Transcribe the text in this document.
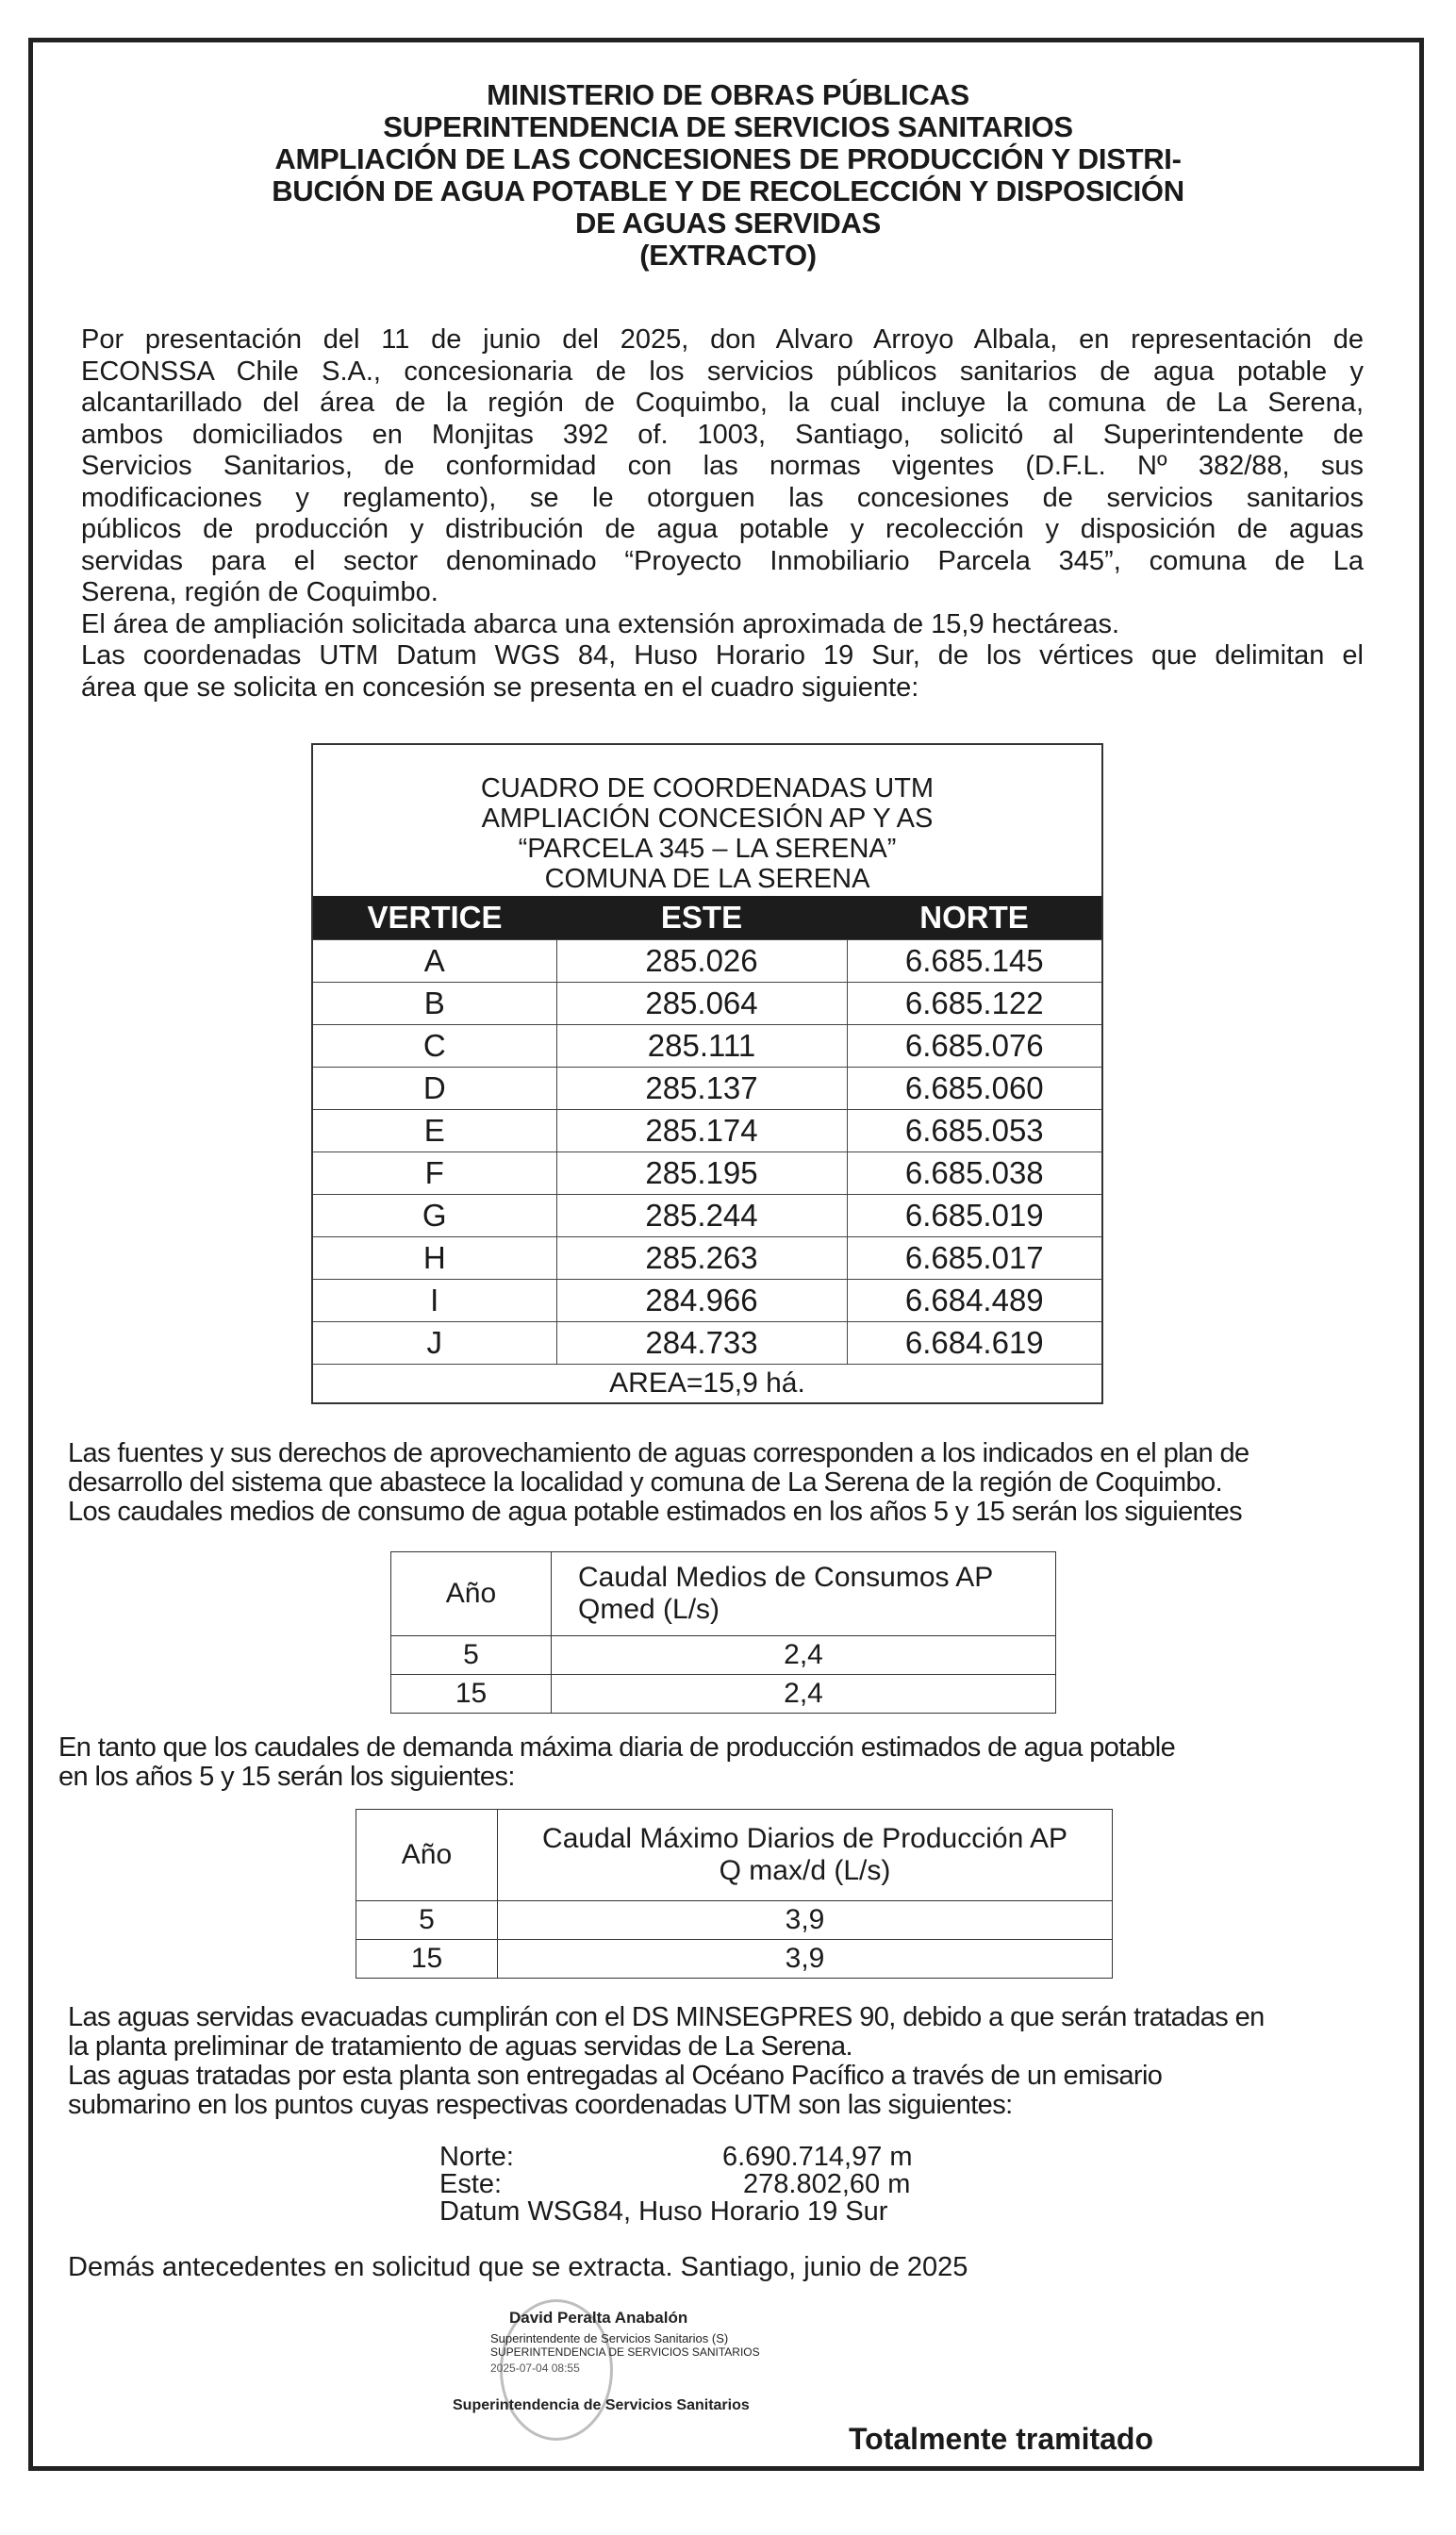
MINISTERIO DE OBRAS PÚBLICAS
SUPERINTENDENCIA DE SERVICIOS SANITARIOS
AMPLIACIÓN DE LAS CONCESIONES DE PRODUCCIÓN Y DISTRI-
BUCIÓN DE AGUA POTABLE Y DE RECOLECCIÓN Y DISPOSICIÓN
DE AGUAS SERVIDAS
(EXTRACTO)
Por presentación del 11 de junio del 2025, don Alvaro Arroyo Albala, en representación de
ECONSSA Chile S.A., concesionaria de los servicios públicos sanitarios de agua potable y
alcantarillado del área de la región de Coquimbo, la cual incluye la comuna de La Serena,
ambos domiciliados en Monjitas 392 of. 1003, Santiago, solicitó al Superintendente de
Servicios Sanitarios, de conformidad con las normas vigentes (D.F.L. Nº 382/88, sus
modificaciones y reglamento), se le otorguen las concesiones de servicios sanitarios
públicos de producción y distribución de agua potable y recolección y disposición de aguas
servidas para el sector denominado “Proyecto Inmobiliario Parcela 345”, comuna de La
Serena, región de Coquimbo.
El área de ampliación solicitada abarca una extensión aproximada de 15,9 hectáreas.
Las coordenadas UTM Datum WGS 84, Huso Horario 19 Sur, de los vértices que delimitan el
área que se solicita en concesión se presenta en el cuadro siguiente:
CUADRO DE COORDENADAS UTM
AMPLIACIÓN CONCESIÓN AP Y AS
“PARCELA 345 – LA SERENA”
COMUNA DE LA SERENA
VERTICE	ESTE	NORTE
A	285.026	6.685.145
B	285.064	6.685.122
C	285.111	6.685.076
D	285.137	6.685.060
E	285.174	6.685.053
F	285.195	6.685.038
G	285.244	6.685.019
H	285.263	6.685.017
I	284.966	6.684.489
J	284.733	6.684.619
AREA=15,9 há.		
Las fuentes y sus derechos de aprovechamiento de aguas corresponden a los indicados en el plan de
desarrollo del sistema que abastece la localidad y comuna de La Serena de la región de Coquimbo.
Los caudales medios de consumo de agua potable estimados en los años 5 y 15 serán los siguientes
Año	Caudal Medios de Consumos AP
Qmed (L/s)

5	2,4
15	2,4
En tanto que los caudales de demanda máxima diaria de producción estimados de agua potable
en los años 5 y 15 serán los siguientes:
Año	Caudal Máximo Diarios de Producción AP
Q max/d (L/s)

5	3,9
15	3,9
Las aguas servidas evacuadas cumplirán con el DS MINSEGPRES 90, debido a que serán tratadas en
la planta preliminar de tratamiento de aguas servidas de La Serena.
Las aguas tratadas por esta planta son entregadas al Océano Pacífico a través de un emisario
submarino en los puntos cuyas respectivas coordenadas UTM son las siguientes:
Norte:	6.690.714,97 m
Este:	278.802,60 m
Datum WSG84, Huso Horario 19 Sur
Demás antecedentes en solicitud que se extracta. Santiago, junio de 2025
David Peralta Anabalón
Superintendente de Servicios Sanitarios (S)
SUPERINTENDENCIA DE SERVICIOS SANITARIOS
2025-07-04 08:55
Superintendencia de Servicios Sanitarios
Totalmente tramitado
